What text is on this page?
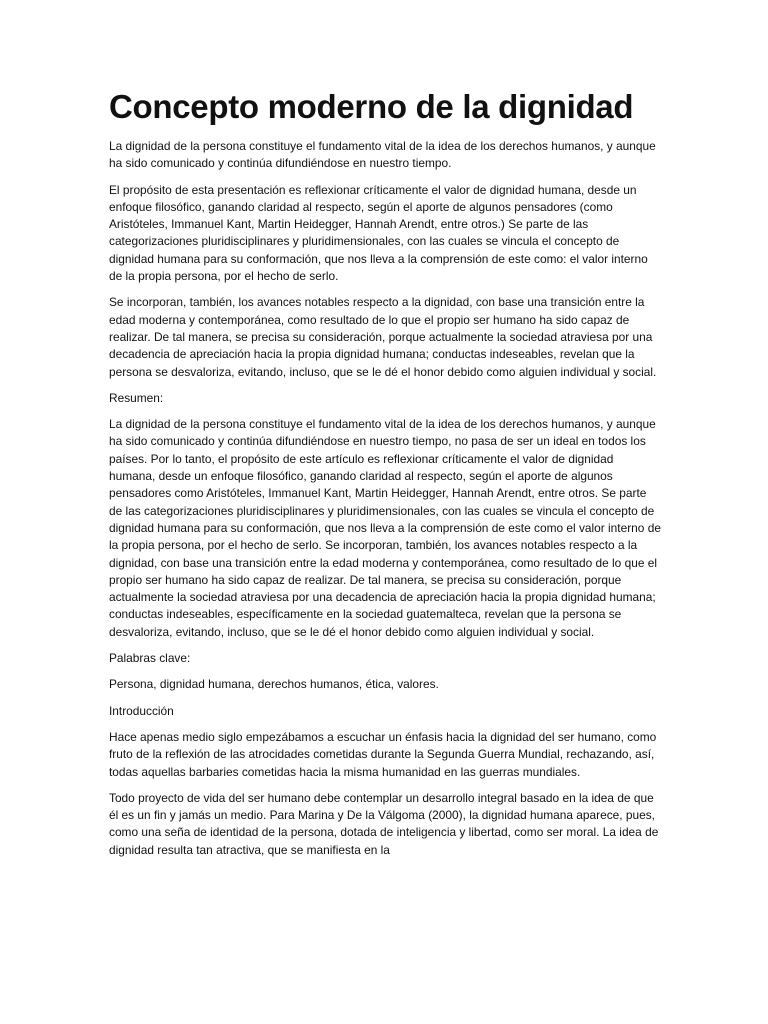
Concepto moderno de la dignidad

La dignidad de la persona constituye el fundamento vital de la idea de los derechos humanos, y aunque ha sido comunicado y continúa difundiéndose en nuestro tiempo.

El propósito de esta presentación es reflexionar críticamente el valor de dignidad humana, desde un enfoque filosófico, ganando claridad al respecto, según el aporte de algunos pensadores (como Aristóteles, Immanuel Kant, Martin Heidegger, Hannah Arendt, entre otros.) Se parte de las categorizaciones pluridisciplinares y pluridimensionales, con las cuales se vincula el concepto de dignidad humana para su conformación, que nos lleva a la comprensión de este como: el valor interno de la propia persona, por el hecho de serlo.

Se incorporan, también, los avances notables respecto a la dignidad, con base una transición entre la edad moderna y contemporánea, como resultado de lo que el propio ser humano ha sido capaz de realizar. De tal manera, se precisa su consideración, porque actualmente la sociedad atraviesa por una decadencia de apreciación hacia la propia dignidad humana; conductas indeseables, revelan que la persona se desvaloriza, evitando, incluso, que se le dé el honor debido como alguien individual y social.

Resumen:

La dignidad de la persona constituye el fundamento vital de la idea de los derechos humanos, y aunque ha sido comunicado y continúa difundiéndose en nuestro tiempo, no pasa de ser un ideal en todos los países. Por lo tanto, el propósito de este artículo es reflexionar críticamente el valor de dignidad humana, desde un enfoque filosófico, ganando claridad al respecto, según el aporte de algunos pensadores como Aristóteles, Immanuel Kant, Martin Heidegger, Hannah Arendt, entre otros. Se parte de las categorizaciones pluridisciplinares y pluridimensionales, con las cuales se vincula el concepto de dignidad humana para su conformación, que nos lleva a la comprensión de este como el valor interno de la propia persona, por el hecho de serlo. Se incorporan, también, los avances notables respecto a la dignidad, con base una transición entre la edad moderna y contemporánea, como resultado de lo que el propio ser humano ha sido capaz de realizar. De tal manera, se precisa su consideración, porque actualmente la sociedad atraviesa por una decadencia de apreciación hacia la propia dignidad humana; conductas indeseables, específicamente en la sociedad guatemalteca, revelan que la persona se desvaloriza, evitando, incluso, que se le dé el honor debido como alguien individual y social.

Palabras clave:

Persona, dignidad humana, derechos humanos, ética, valores.

Introducción

Hace apenas medio siglo empezábamos a escuchar un énfasis hacia la dignidad del ser humano, como fruto de la reflexión de las atrocidades cometidas durante la Segunda Guerra Mundial, rechazando, así, todas aquellas barbaries cometidas hacia la misma humanidad en las guerras mundiales.

Todo proyecto de vida del ser humano debe contemplar un desarrollo integral basado en la idea de que él es un fin y jamás un medio. Para Marina y De la Válgoma (2000), la dignidad humana aparece, pues, como una seña de identidad de la persona, dotada de inteligencia y libertad, como ser moral. La idea de dignidad resulta tan atractiva, que se manifiesta en la
